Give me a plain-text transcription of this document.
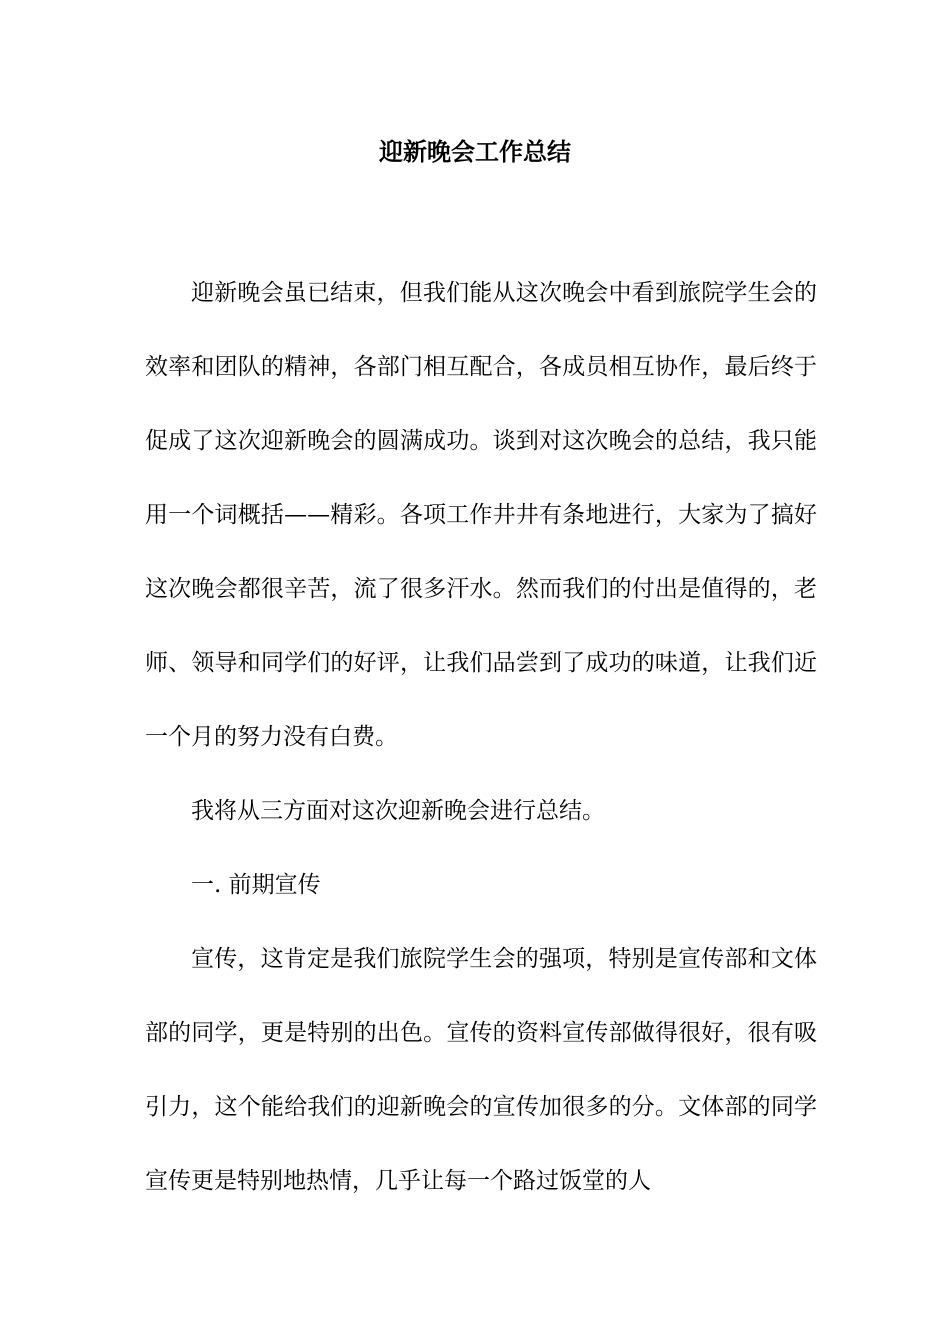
迎新晚会工作总结

迎新晚会虽已结束，但我们能从这次晚会中看到旅院学生会的效率和团队的精神，各部门相互配合，各成员相互协作，最后终于促成了这次迎新晚会的圆满成功。谈到对这次晚会的总结，我只能用一个词概括——精彩。各项工作井井有条地进行，大家为了搞好这次晚会都很辛苦，流了很多汗水。然而我们的付出是值得的，老师、领导和同学们的好评，让我们品尝到了成功的味道，让我们近一个月的努力没有白费。

我将从三方面对这次迎新晚会进行总结。

一. 前期宣传

宣传，这肯定是我们旅院学生会的强项，特别是宣传部和文体部的同学，更是特别的出色。宣传的资料宣传部做得很好，很有吸引力，这个能给我们的迎新晚会的宣传加很多的分。文体部的同学宣传更是特别地热情，几乎让每一个路过饭堂的人
